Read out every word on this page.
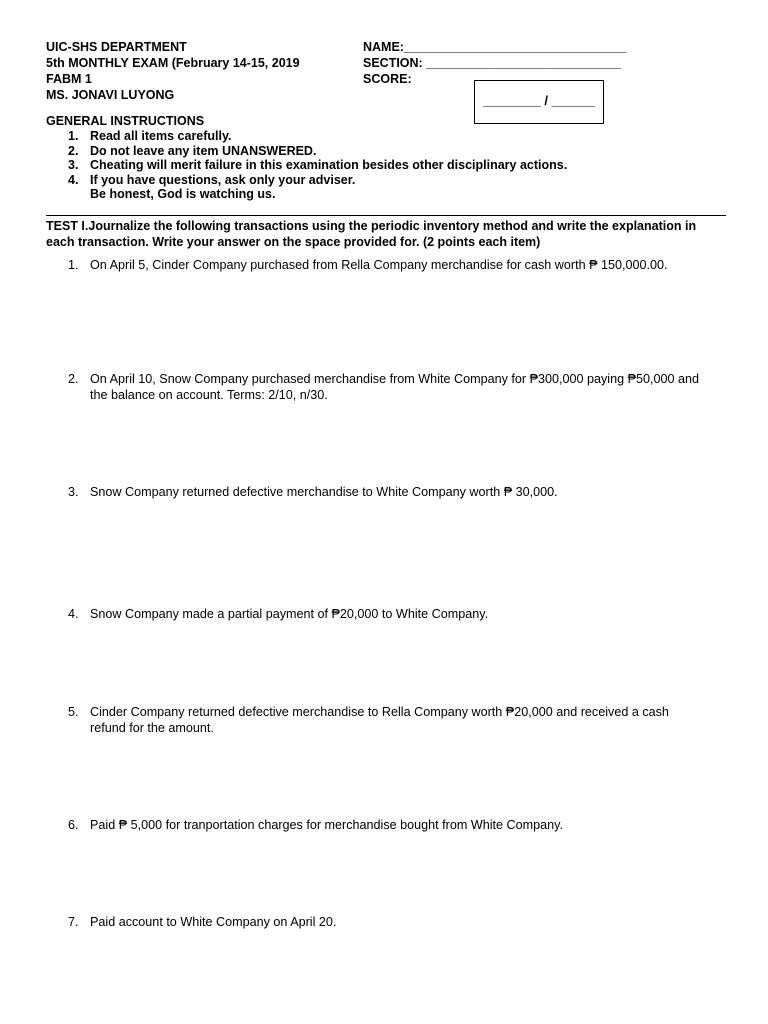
UIC-SHS DEPARTMENT
5th MONTHLY EXAM (February 14-15, 2019
FABM 1
MS. JONAVI LUYONG
NAME:________________________________
SECTION: ____________________________
SCORE:
________ / ______
GENERAL INSTRUCTIONS
1. Read all items carefully.
2. Do not leave any item UNANSWERED.
3. Cheating will merit failure in this examination besides other disciplinary actions.
4. If you have questions, ask only your adviser.
Be honest, God is watching us.
TEST I.Journalize the following transactions using the periodic inventory method and write the explanation in each transaction. Write your answer on the space provided for. (2 points each item)
1. On April 5, Cinder Company purchased from Rella Company merchandise for cash worth ₱ 150,000.00.
2. On April 10, Snow Company purchased merchandise from White Company for ₱300,000 paying ₱50,000 and the balance on account. Terms: 2/10, n/30.
3. Snow Company returned defective merchandise to White Company worth ₱ 30,000.
4. Snow Company made a partial payment of ₱20,000 to White Company.
5. Cinder Company returned defective merchandise to Rella Company worth ₱20,000 and received a cash refund for the amount.
6. Paid ₱ 5,000 for tranportation charges for merchandise bought from White Company.
7. Paid account to White Company on April 20.
